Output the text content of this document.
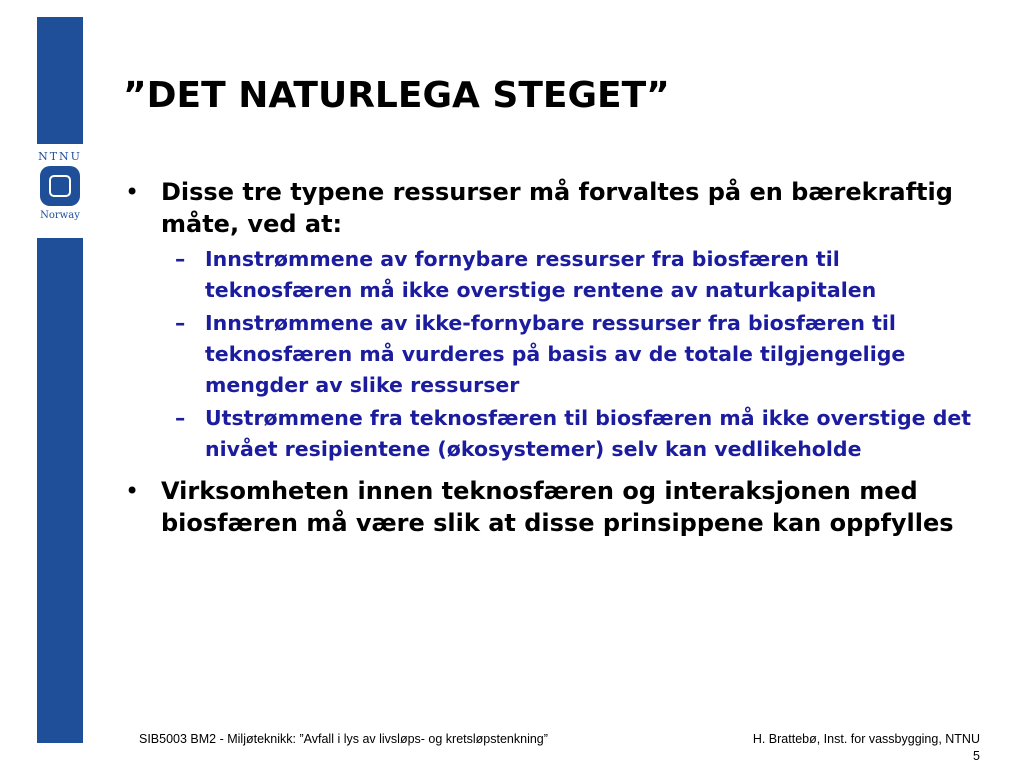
NTNU
Norway
”DET NATURLEGA STEGET”
• Disse tre typene ressurser må forvaltes på en bærekraftig måte, ved at:
– Innstrømmene av fornybare ressurser fra biosfæren til teknosfæren må ikke overstige rentene av naturkapitalen
– Innstrømmene av ikke-fornybare ressurser fra biosfæren til teknosfæren må vurderes på basis av de totale tilgjengelige mengder av slike ressurser
– Utstrømmene fra teknosfæren til biosfæren må ikke overstige det nivået resipientene (økosystemer) selv kan vedlikeholde
• Virksomheten innen teknosfæren og interaksjonen med biosfæren må være slik at disse prinsippene kan oppfylles
SIB5003 BM2 - Miljøteknikk: ”Avfall i lys av livsløps- og kretsløpstenkning”	H. Brattebø, Inst. for vassbygging, NTNU
5
